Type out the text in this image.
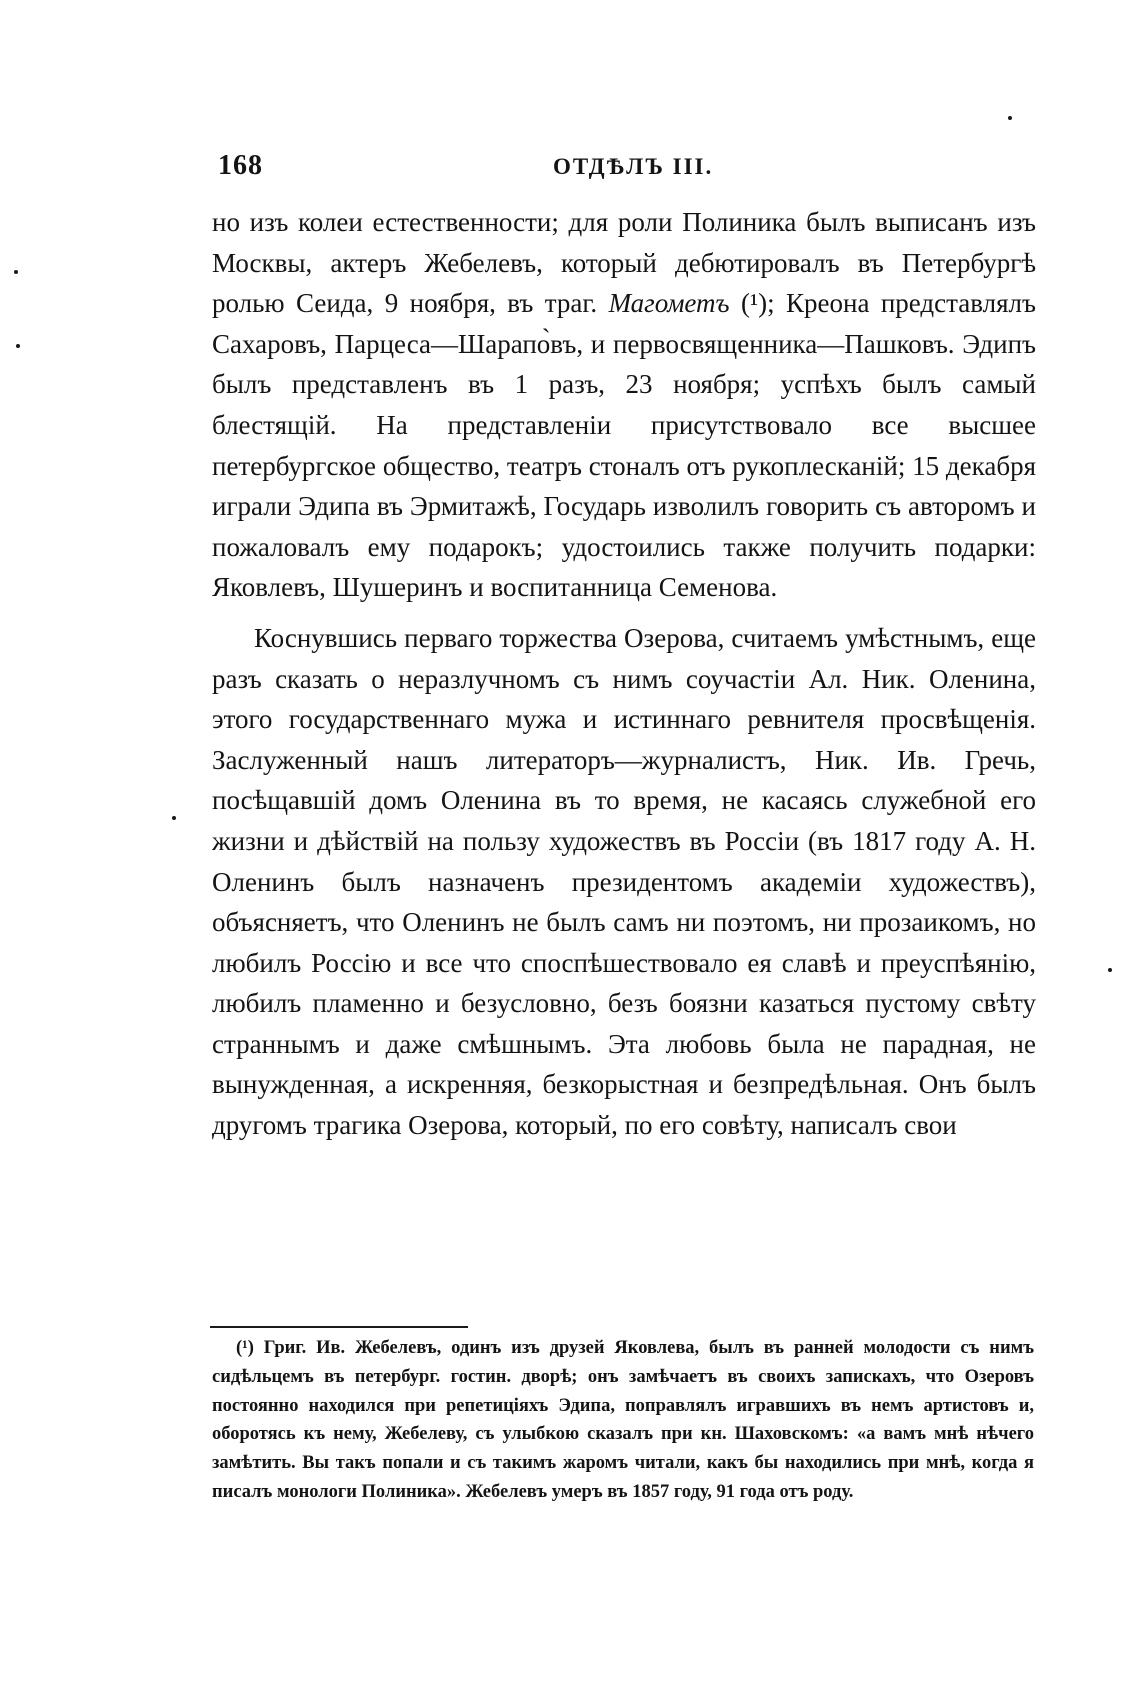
168	ОТДѢЛЪ III.

но изъ колеи естественности; для роли Полиника былъ выписанъ изъ Москвы, актеръ Жебелевъ, который дебютировалъ въ Петербургѣ ролью Сеида, 9 ноября, въ траг. Магометъ (¹); Креона представлялъ Сахаровъ, Парцеса—Шарапо̀въ, и первосвященника—Пашковъ. Эдипъ былъ представленъ въ 1 разъ, 23 ноября; успѣхъ былъ самый блестящій. На представленіи присутствовало все высшее петербургское общество, театръ стоналъ отъ рукоплесканій; 15 декабря играли Эдипа въ Эрмитажѣ, Государь изволилъ говорить съ авторомъ и пожаловалъ ему подарокъ; удостоились также получить подарки: Яковлевъ, Шушеринъ и воспитанница Семенова.

Коснувшись перваго торжества Озерова, считаемъ умѣстнымъ, еще разъ сказать о неразлучномъ съ нимъ соучастіи Ал. Ник. Оленина, этого государственнаго мужа и истиннаго ревнителя просвѣщенія. Заслуженный нашъ литераторъ—журналистъ, Ник. Ив. Гречь, посѣщавшій домъ Оленина въ то время, не касаясь служебной его жизни и дѣйствій на пользу художествъ въ Россіи (въ 1817 году А. Н. Оленинъ былъ назначенъ президентомъ академіи художествъ), объясняетъ, что Оленинъ не былъ самъ ни поэтомъ, ни прозаикомъ, но любилъ Россію и все что споспѣшествовало ея славѣ и преуспѣянію, любилъ пламенно и безусловно, безъ боязни казаться пустому свѣту страннымъ и даже смѣшнымъ. Эта любовь была не парадная, не вынужденная, а искренняя, безкорыстная и безпредѣльная. Онъ былъ другомъ трагика Озерова, который, по его совѣту, написалъ свои

(¹) Григ. Ив. Жебелевъ, одинъ изъ друзей Яковлева, былъ въ ранней молодости съ нимъ сидѣльцемъ въ петербург. гостин. дворѣ; онъ замѣчаетъ въ своихъ запискахъ, что Озеровъ постоянно находился при репетиціяхъ Эдипа, поправлялъ игравшихъ въ немъ артистовъ и, оборотясь къ нему, Жебелеву, съ улыбкою сказалъ при кн. Шаховскомъ: «а вамъ мнѣ нѣчего замѣтить. Вы такъ попали и съ такимъ жаромъ читали, какъ бы находились при мнѣ, когда я писалъ монологи Полиника». Жебелевъ умеръ въ 1857 году, 91 года отъ роду.
